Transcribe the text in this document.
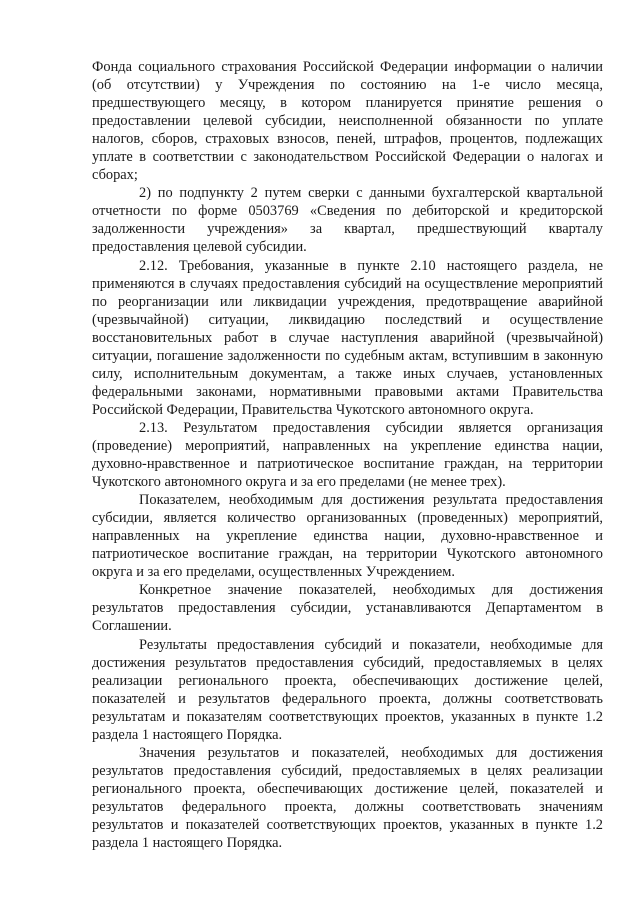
Фонда социального страхования Российской Федерации информации о наличии (об отсутствии) у Учреждения по состоянию на 1-е число месяца, предшествующего месяцу, в котором планируется принятие решения о предоставлении целевой субсидии, неисполненной обязанности по уплате налогов, сборов, страховых взносов, пеней, штрафов, процентов, подлежащих уплате в соответствии с законодательством Российской Федерации о налогах и сборах;

2) по подпункту 2 путем сверки с данными бухгалтерской квартальной отчетности по форме 0503769 «Сведения по дебиторской и кредиторской задолженности учреждения» за квартал, предшествующий кварталу предоставления целевой субсидии.

2.12. Требования, указанные в пункте 2.10 настоящего раздела, не применяются в случаях предоставления субсидий на осуществление мероприятий по реорганизации или ликвидации учреждения, предотвращение аварийной (чрезвычайной) ситуации, ликвидацию последствий и осуществление восстановительных работ в случае наступления аварийной (чрезвычайной) ситуации, погашение задолженности по судебным актам, вступившим в законную силу, исполнительным документам, а также иных случаев, установленных федеральными законами, нормативными правовыми актами Правительства Российской Федерации, Правительства Чукотского автономного округа.

2.13. Результатом предоставления субсидии является организация (проведение) мероприятий, направленных на укрепление единства нации, духовно-нравственное и патриотическое воспитание граждан, на территории Чукотского автономного округа и за его пределами (не менее трех).

Показателем, необходимым для достижения результата предоставления субсидии, является количество организованных (проведенных) мероприятий, направленных на укрепление единства нации, духовно-нравственное и патриотическое воспитание граждан, на территории Чукотского автономного округа и за его пределами, осуществленных Учреждением.

Конкретное значение показателей, необходимых для достижения результатов предоставления субсидии, устанавливаются Департаментом в Соглашении.

Результаты предоставления субсидий и показатели, необходимые для достижения результатов предоставления субсидий, предоставляемых в целях реализации регионального проекта, обеспечивающих достижение целей, показателей и результатов федерального проекта, должны соответствовать результатам и показателям соответствующих проектов, указанных в пункте 1.2 раздела 1 настоящего Порядка.

Значения результатов и показателей, необходимых для достижения результатов предоставления субсидий, предоставляемых в целях реализации регионального проекта, обеспечивающих достижение целей, показателей и результатов федерального проекта, должны соответствовать значениям результатов и показателей соответствующих проектов, указанных в пункте 1.2 раздела 1 настоящего Порядка.
